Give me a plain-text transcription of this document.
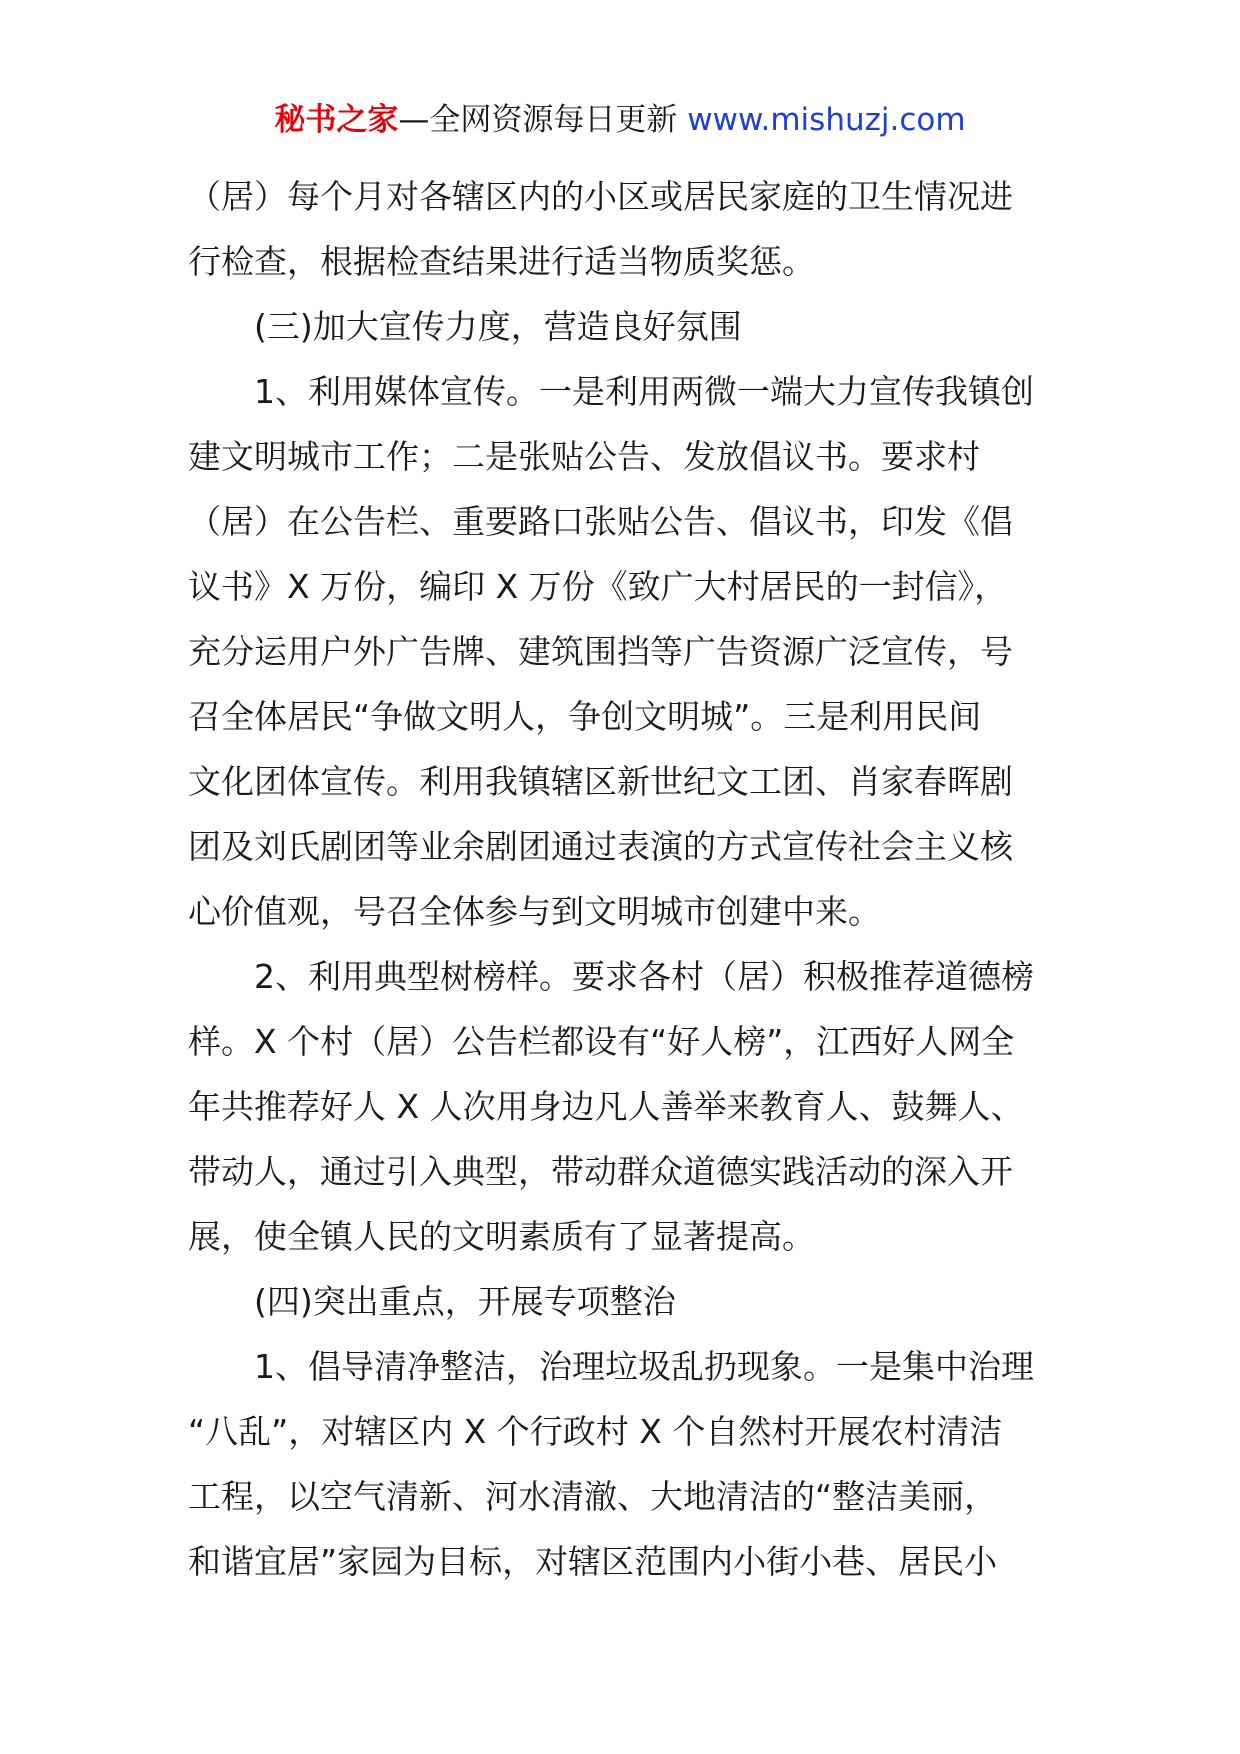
秘书之家—全网资源每日更新 www.mishuzj.com
（居）每个月对各辖区内的小区或居民家庭的卫生情况进
行检查，根据检查结果进行适当物质奖惩。
(三)加大宣传力度，营造良好氛围
1、利用媒体宣传。一是利用两微一端大力宣传我镇创
建文明城市工作；二是张贴公告、发放倡议书。要求村
（居）在公告栏、重要路口张贴公告、倡议书，印发《倡
议书》X 万份，编印 X 万份《致广大村居民的一封信》，
充分运用户外广告牌、建筑围挡等广告资源广泛宣传，号
召全体居民“争做文明人，争创文明城”。三是利用民间
文化团体宣传。利用我镇辖区新世纪文工团、肖家春晖剧
团及刘氏剧团等业余剧团通过表演的方式宣传社会主义核
心价值观，号召全体参与到文明城市创建中来。
2、利用典型树榜样。要求各村（居）积极推荐道德榜
样。X 个村（居）公告栏都设有“好人榜”，江西好人网全
年共推荐好人 X 人次用身边凡人善举来教育人、鼓舞人、
带动人，通过引入典型，带动群众道德实践活动的深入开
展，使全镇人民的文明素质有了显著提高。
(四)突出重点，开展专项整治
1、倡导清净整洁，治理垃圾乱扔现象。一是集中治理
“八乱”，对辖区内 X 个行政村 X 个自然村开展农村清洁
工程，以空气清新、河水清澈、大地清洁的“整洁美丽，
和谐宜居”家园为目标，对辖区范围内小街小巷、居民小
